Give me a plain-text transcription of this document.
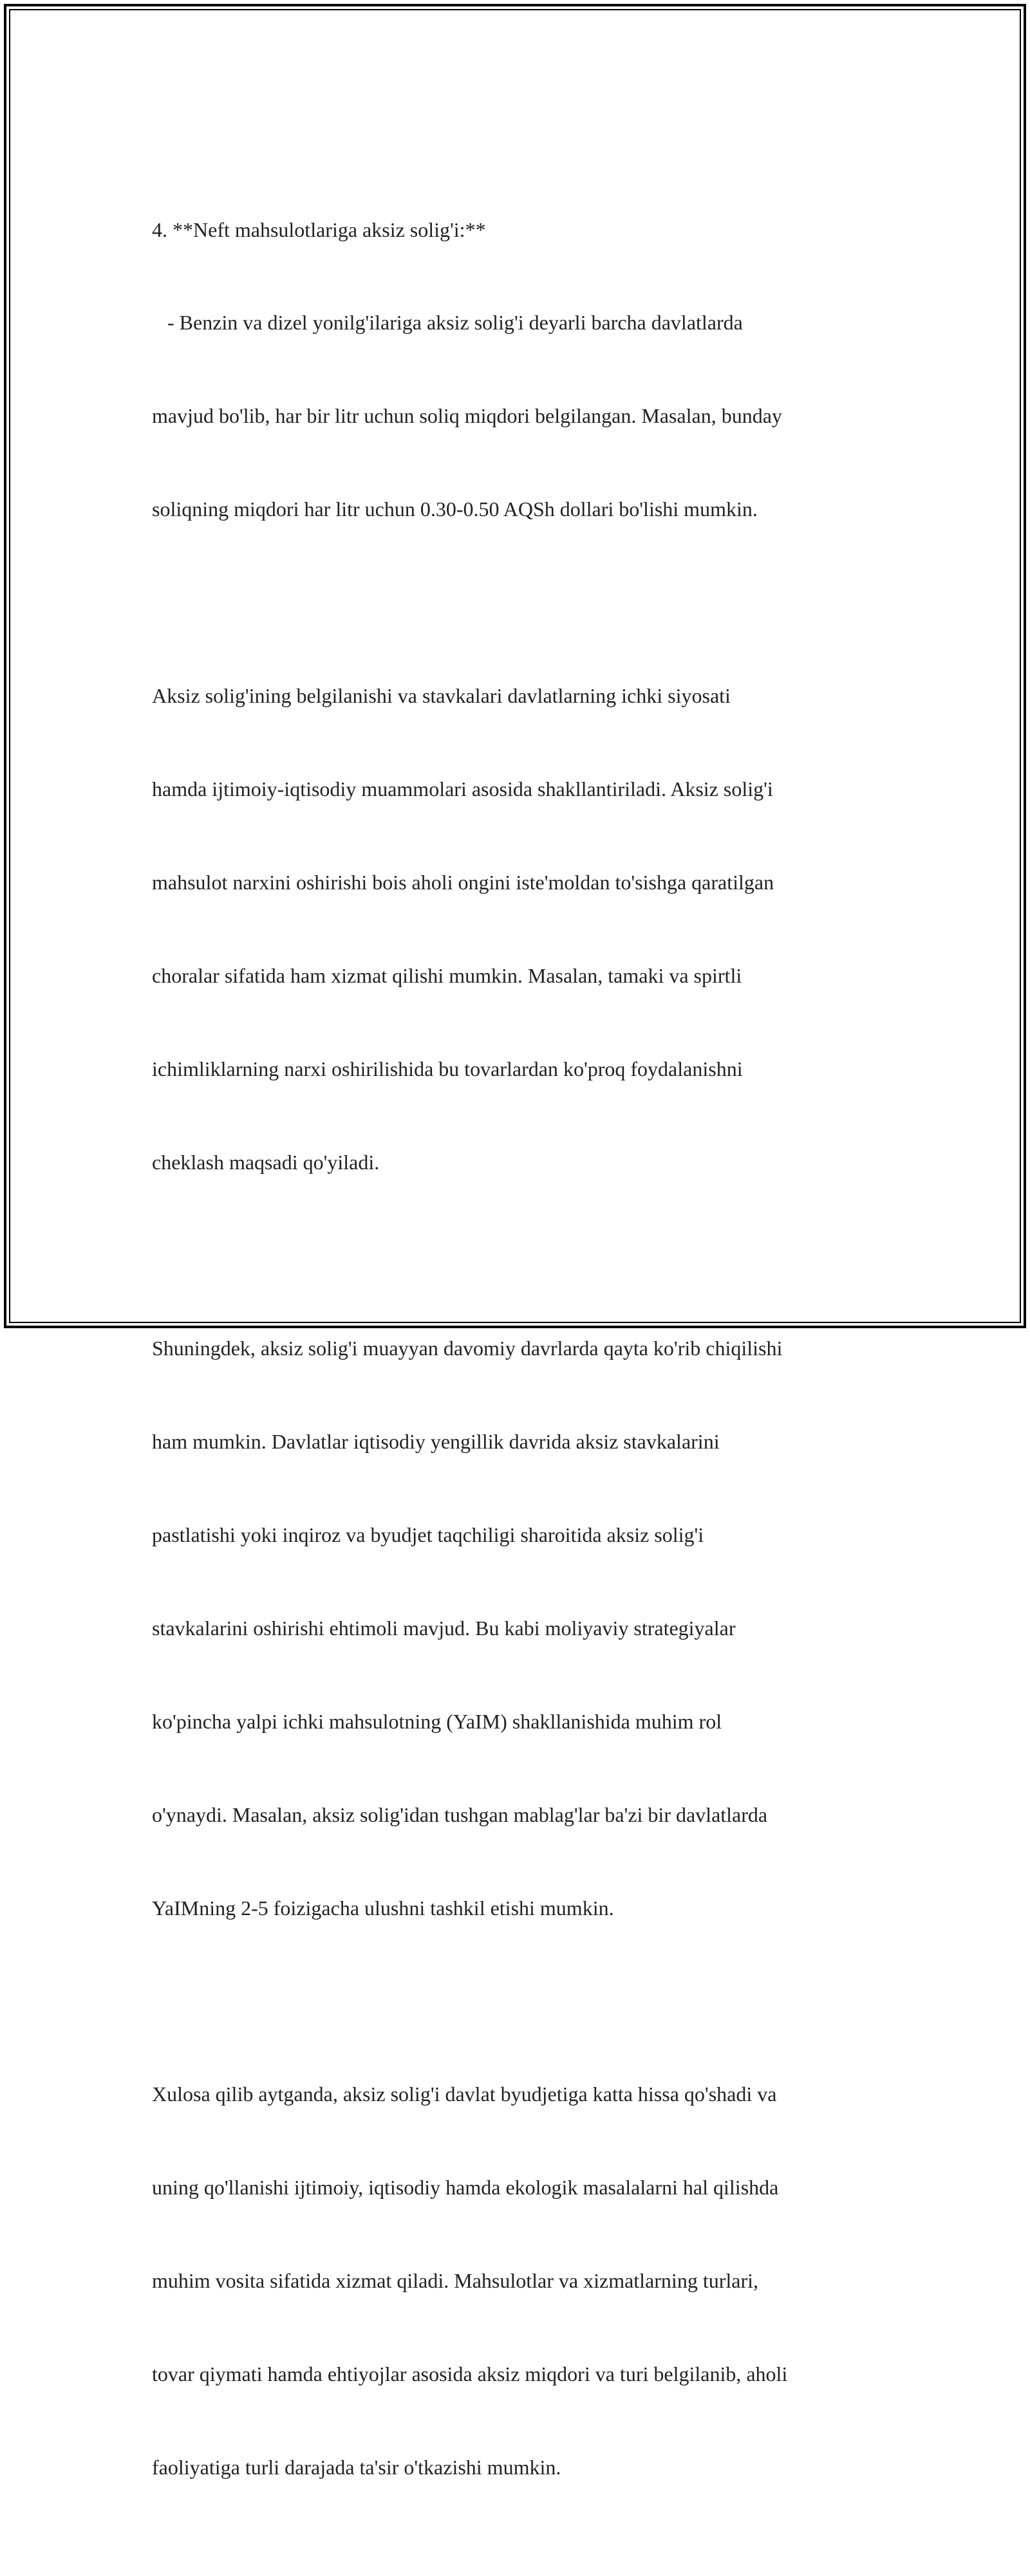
4. **Neft mahsulotlariga aksiz solig'i:**

- Benzin va dizel yonilg'ilariga aksiz solig'i deyarli barcha davlatlarda

mavjud bo'lib, har bir litr uchun soliq miqdori belgilangan. Masalan, bunday

soliqning miqdori har litr uchun 0.30-0.50 AQSh dollari bo'lishi mumkin.

Aksiz solig'ining belgilanishi va stavkalari davlatlarning ichki siyosati

hamda ijtimoiy-iqtisodiy muammolari asosida shakllantiriladi. Aksiz solig'i

mahsulot narxini oshirishi bois aholi ongini iste'moldan to'sishga qaratilgan

choralar sifatida ham xizmat qilishi mumkin. Masalan, tamaki va spirtli

ichimliklarning narxi oshirilishida bu tovarlardan ko'proq foydalanishni

cheklash maqsadi qo'yiladi.

Shuningdek, aksiz solig'i muayyan davomiy davrlarda qayta ko'rib chiqilishi

ham mumkin. Davlatlar iqtisodiy yengillik davrida aksiz stavkalarini

pastlatishi yoki inqiroz va byudjet taqchiligi sharoitida aksiz solig'i

stavkalarini oshirishi ehtimoli mavjud. Bu kabi moliyaviy strategiyalar

ko'pincha yalpi ichki mahsulotning (YaIM) shakllanishida muhim rol

o'ynaydi. Masalan, aksiz solig'idan tushgan mablag'lar ba'zi bir davlatlarda

YaIMning 2-5 foizigacha ulushni tashkil etishi mumkin.

Xulosa qilib aytganda, aksiz solig'i davlat byudjetiga katta hissa qo'shadi va

uning qo'llanishi ijtimoiy, iqtisodiy hamda ekologik masalalarni hal qilishda

muhim vosita sifatida xizmat qiladi. Mahsulotlar va xizmatlarning turlari,

tovar qiymati hamda ehtiyojlar asosida aksiz miqdori va turi belgilanib, aholi

faoliyatiga turli darajada ta'sir o'tkazishi mumkin.
